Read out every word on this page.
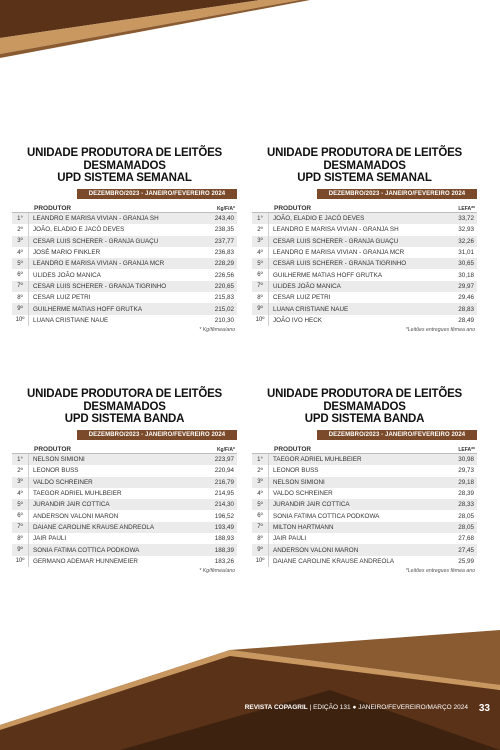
UNIDADE PRODUTORA DE LEITÕES
DESMAMADOS
UPD SISTEMA SEMANAL
DEZEMBRO/2023 - JANEIRO/FEVEREIRO 2024
PRODUTOR	Kg/F/A*
1°	LEANDRO E MARISA VIVIAN - GRANJA SH	243,40
2º	JOÃO, ELADIO E JACÓ DEVES	238,35
3º	CESAR LUIS SCHERER - GRANJA GUAÇU	237,77
4º	JOSÉ MARIO FINKLER	236,83
5º	LEANDRO E MARISA VIVIAN - GRANJA MCR	228,29
6º	ULIDES JOÃO MANICA	226,56
7º	CESAR LUIS SCHERER - GRANJA TIGRINHO	220,65
8º	CESAR LUIZ PETRI	215,83
9º	GUILHERME MATIAS HOFF GRUTKA	215,02
10º	LUANA CRISTIANE NAUE	210,30
* Kg/fêmea/ano
UNIDADE PRODUTORA DE LEITÕES
DESMAMADOS
UPD SISTEMA SEMANAL
DEZEMBRO/2023 - JANEIRO/FEVEREIRO 2024
PRODUTOR	LEFA**
1°	JOÃO, ELADIO E JACÓ DEVES	33,72
2º	LEANDRO E MARISA VIVIAN - GRANJA SH	32,93
3º	CESAR LUIS SCHERER - GRANJA GUAÇU	32,26
4º	LEANDRO E MARISA VIVIAN - GRANJA MCR	31,01
5º	CESAR LUIS SCHERER - GRANJA TIGRINHO	30,65
6º	GUILHERME MATIAS HOFF GRUTKA	30,18
7º	ULIDES JOÃO MANICA	29,97
8º	CESAR LUIZ PETRI	29,46
9º	LUANA CRISTIANE NAUE	28,83
10º	JOÃO IVO HECK	28,49
*Leitões entregues fêmea ano
UNIDADE PRODUTORA DE LEITÕES
DESMAMADOS
UPD SISTEMA BANDA
DEZEMBRO/2023 - JANEIRO/FEVEREIRO 2024
PRODUTOR	Kg/F/A*
1°	NELSON SIMIONI	223,97
2º	LEONOR BUSS	220,94
3º	VALDO SCHREINER	216,79
4º	TAEGOR ADRIEL MUHLBEIER	214,95
5º	JURANDIR JAIR COTTICA	214,30
6º	ANDERSON VALONI MARON	196,52
7º	DAIANE CAROLINE KRAUSE ANDREOLA	193,49
8º	JAIR PAULI	188,93
9º	SONIA FATIMA COTTICA PODKOWA	188,39
10º	GERMANO ADEMAR HUNNEMEIER	183,26
* Kg/fêmea/ano
UNIDADE PRODUTORA DE LEITÕES
DESMAMADOS
UPD SISTEMA BANDA
DEZEMBRO/2023 - JANEIRO/FEVEREIRO 2024
PRODUTOR	LEFA**
1°	TAEGOR ADRIEL MUHLBEIER	30,98
2º	LEONOR BUSS	29,73
3º	NELSON SIMIONI	29,18
4º	VALDO SCHREINER	28,39
5º	JURANDIR JAIR COTTICA	28,33
6º	SONIA FATIMA COTTICA PODKOWA	28,05
7º	MILTON HARTMANN	28,05
8º	JAIR PAULI	27,68
9º	ANDERSON VALONI MARON	27,45
10º	DAIANE CAROLINE KRAUSE ANDREOLA	25,99
*Leitões entregues fêmea ano
REVISTA COPAGRIL | EDIÇÃO 131 ● JANEIRO/FEVEREIRO/MARÇO 2024 33
